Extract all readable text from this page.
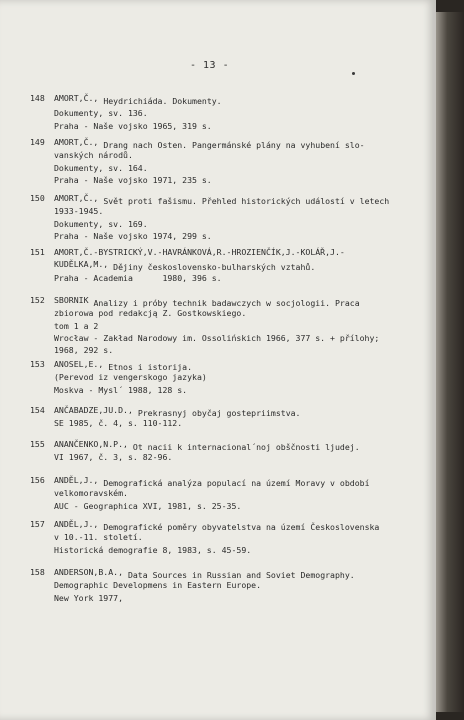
- 13 -
148	AMORT,Č., Heydrichiáda. Dokumenty.
Dokumenty, sv. 136.
Praha - Naše vojsko 1965, 319 s.
149	AMORT,Č., Drang nach Osten. Pangermánské plány na vyhubení slo-
vanských národů.
Dokumenty, sv. 164.
Praha - Naše vojsko 1971, 235 s.
150	AMORT,Č., Svět proti fašismu. Přehled historických událostí v letech
1933-1945.
Dokumenty, sv. 169.
Praha - Naše vojsko 1974, 299 s.
151	AMORT,Č.-BYSTRICKÝ,V.-HAVRÁNKOVÁ,R.-HROZIENČÍK,J.-KOLÁŘ,J.-
KUDĚLKA,M., Dějiny československo-bulharských vztahů.
Praha - Academia      1980, 396 s.
152	SBORNIK Analizy i próby technik badawczych w socjologii. Praca
zbiorowa pod redakcją Z. Gostkowskiego.
tom 1 a 2
Wrocław - Zakład Narodowy im. Ossolińskich 1966, 377 s. + přílohy;
1968, 292 s.
153	ANOSEL,E., Etnos i istorija.
(Perevod iz vengerskogo jazyka)
Moskva - Mysl´ 1988, 128 s.
154	ANČABADZE,JU.D., Prekrasnyj obyčaj gostepriimstva.
SE 1985, č. 4, s. 110-112.
155	ANANČENKO,N.P., Ot nacii k internacional´noj obščnosti ljudej.
VI 1967, č. 3, s. 82-96.
156	ANDĚL,J., Demografická analýza populací na území Moravy v období
velkomoravském.
AUC - Geographica XVI, 1981, s. 25-35.
157	ANDĚL,J., Demografické poměry obyvatelstva na území Československa
v 10.-11. století.
Historická demografie 8, 1983, s. 45-59.
158	ANDERSON,B.A., Data Sources in Russian and Soviet Demography.
Demographic Developmens in Eastern Europe.
New York 1977,
